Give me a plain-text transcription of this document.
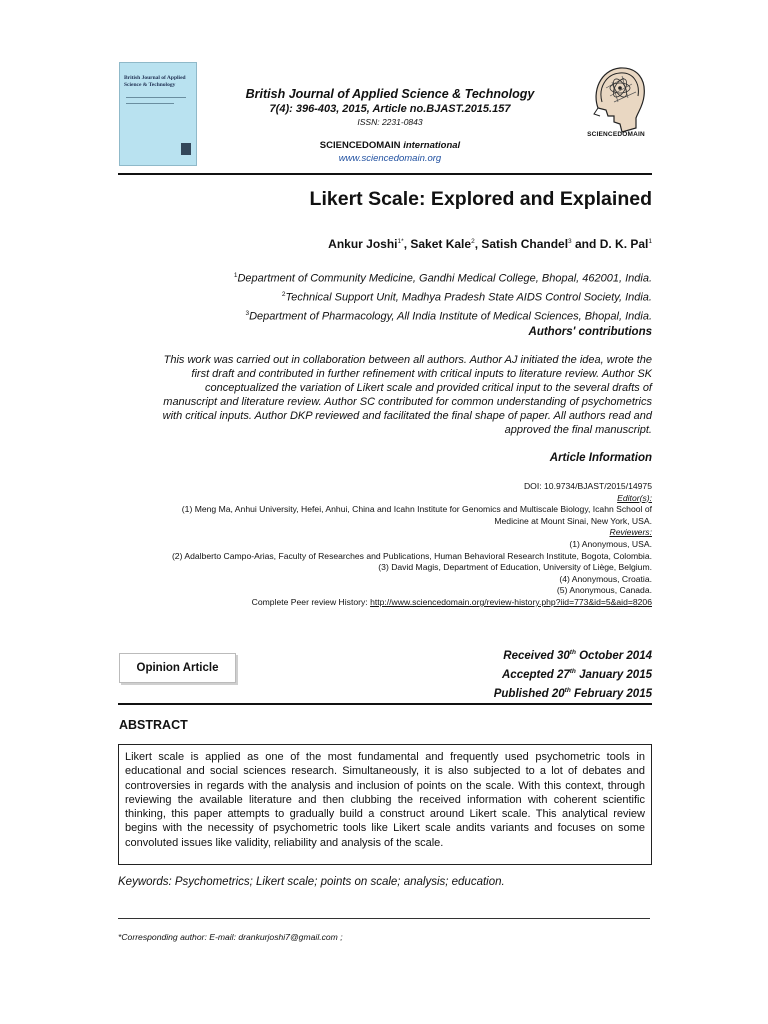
British Journal of Applied Science & Technology
British Journal of Applied Science & Technology
7(4): 396-403, 2015, Article no.BJAST.2015.157
ISSN: 2231-0843
SCIENCEDOMAIN international
www.sciencedomain.org
SCIENCEDOMAIN
Likert Scale: Explored and Explained
Ankur Joshi$^{1*}$, Saket Kale$^2$, Satish Chandel$^3$ and D. K. Pal$^1$
$^1$Department of Community Medicine, Gandhi Medical College, Bhopal, 462001, India.
$^2$Technical Support Unit, Madhya Pradesh State AIDS Control Society, India.
$^3$Department of Pharmacology, All India Institute of Medical Sciences, Bhopal, India.
Authors' contributions
This work was carried out in collaboration between all authors. Author AJ initiated the idea, wrote the
first draft and contributed in further refinement with critical inputs to literature review. Author SK
conceptualized the variation of Likert scale and provided critical input to the several drafts of
manuscript and literature review. Author SC contributed for common understanding of psychometrics
with critical inputs. Author DKP reviewed and facilitated the final shape of paper. All authors read and
approved the final manuscript.
Article Information
DOI: 10.9734/BJAST/2015/14975
Editor(s):
(1) Meng Ma, Anhui University, Hefei, Anhui, China and Icahn Institute for Genomics and Multiscale Biology, Icahn School of
Medicine at Mount Sinai, New York, USA.
Reviewers:
(1) Anonymous, USA.
(2) Adalberto Campo-Arias, Faculty of Researches and Publications, Human Behavioral Research Institute, Bogota, Colombia.
(3) David Magis, Department of Education, University of Liège, Belgium.
(4) Anonymous, Croatia.
(5) Anonymous, Canada.
Complete Peer review History: http://www.sciencedomain.org/review-history.php?iid=773&id=5&aid=8206
Opinion Article
Received 30th October 2014
Accepted 27th January 2015
Published 20th February 2015
ABSTRACT
Likert scale is applied as one of the most fundamental and frequently used psychometric tools in educational and social sciences research. Simultaneously, it is also subjected to a lot of debates and controversies in regards with the analysis and inclusion of points on the scale. With this context, through reviewing the available literature and then clubbing the received information with coherent scientific thinking, this paper attempts to gradually build a construct around Likert scale. This analytical review begins with the necessity of psychometric tools like Likert scale andits variants and focuses on some convoluted issues like validity, reliability and analysis of the scale.
Keywords: Psychometrics; Likert scale; points on scale; analysis; education.
*Corresponding author: E-mail: drankurjoshi7@gmail.com ;
